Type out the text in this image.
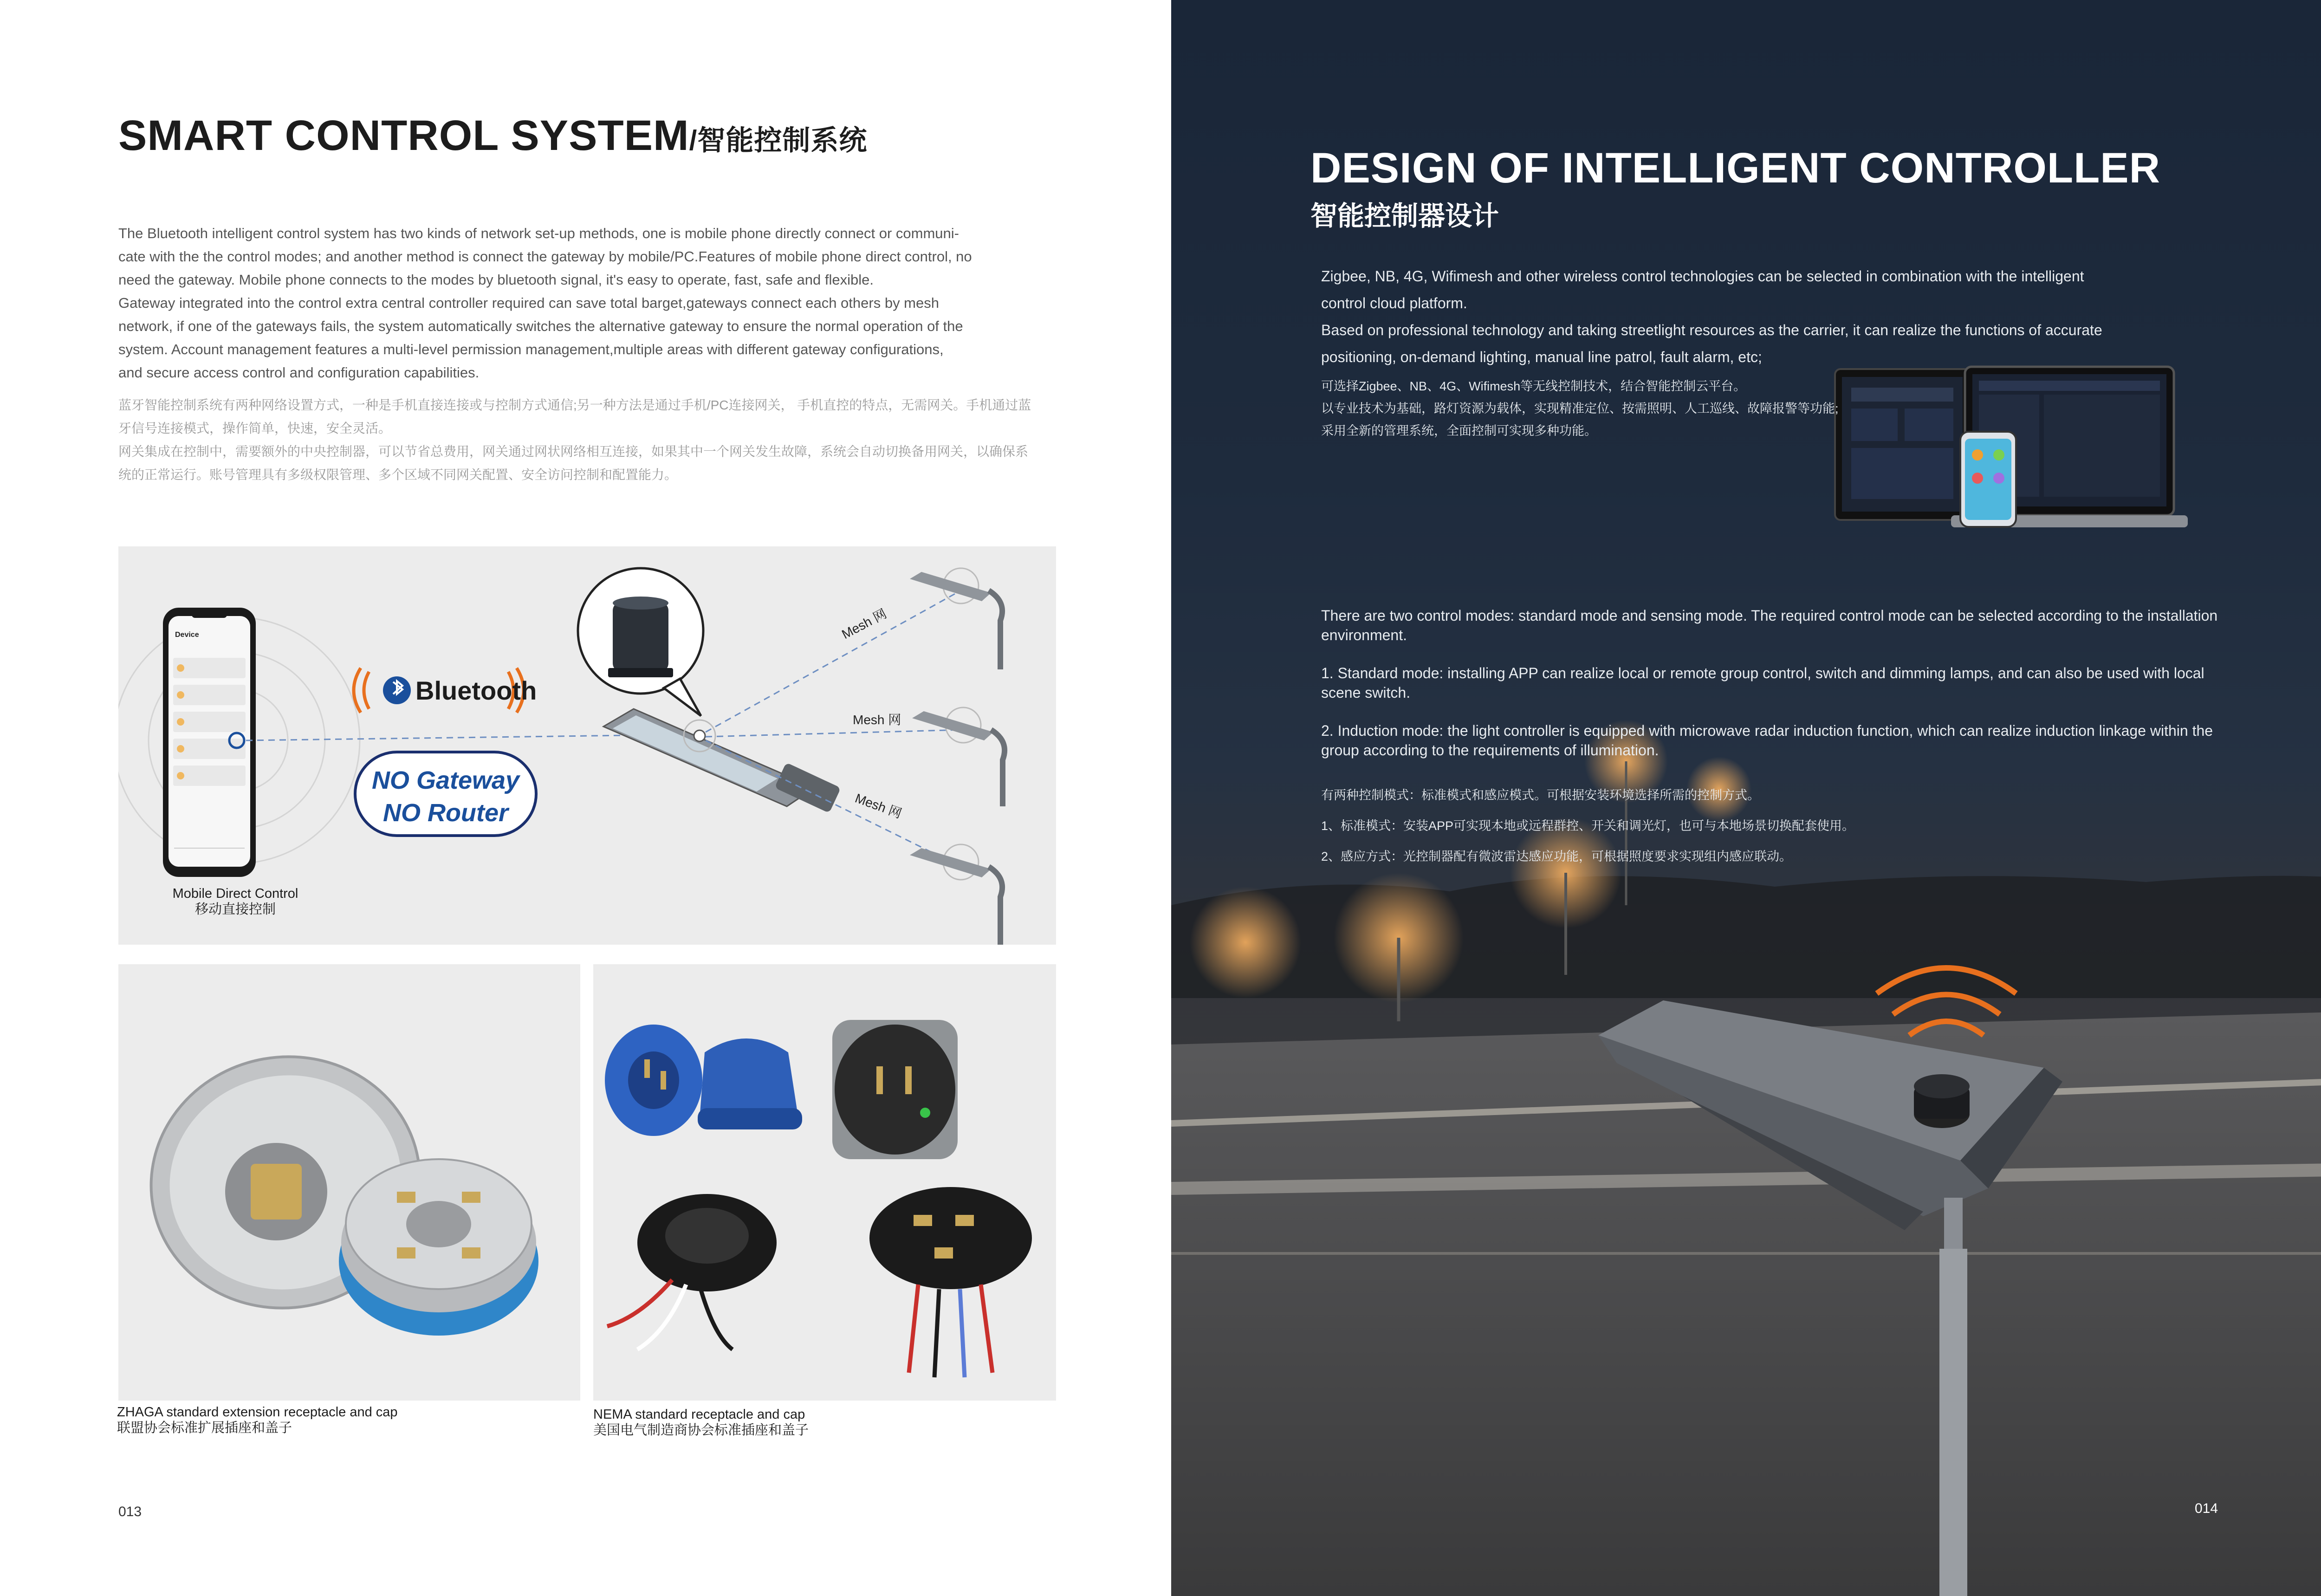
SMART CONTROL SYSTEM/智能控制系统
The Bluetooth intelligent control system has two kinds of network set-up methods, one is mobile phone directly connect or communi-
cate with the the control modes; and another method is connect the gateway by mobile/PC.Features of mobile phone direct control, no
need the gateway. Mobile phone connects to the modes by bluetooth signal, it's easy to operate, fast, safe and flexible.
Gateway integrated into the control extra central controller required can save total barget,gateways connect each others by mesh
network, if one of the gateways fails, the system automatically switches the alternative gateway to ensure the normal operation of the
system. Account management features a multi-level permission management,multiple areas with different gateway configurations,
and secure access control and configuration capabilities.
蓝牙智能控制系统有两种网络设置方式，一种是手机直接连接或与控制方式通信;另一种方法是通过手机/PC连接网关， 手机直控的特点，无需网关。手机通过蓝
牙信号连接模式，操作简单，快速，安全灵活。
网关集成在控制中，需要额外的中央控制器，可以节省总费用，网关通过网状网络相互连接，如果其中一个网关发生故障，系统会自动切换备用网关，以确保系
统的正常运行。账号管理具有多级权限管理、多个区域不同网关配置、安全访问控制和配置能力。
Device
Bluetooth
NO Gateway
NO Router
Mesh 网
Mesh 网
Mesh 网
Mobile Direct Control
移动直接控制
ZHAGA standard extension receptacle and cap
联盟协会标准扩展插座和盖子
NEMA standard receptacle and cap
美国电气制造商协会标准插座和盖子
013
DESIGN OF INTELLIGENT CONTROLLER
智能控制器设计
Zigbee, NB, 4G, Wifimesh and other wireless control technologies can be selected in combination with the intelligent
control cloud platform.
Based on professional technology and taking streetlight resources as the carrier, it can realize the functions of accurate
positioning, on-demand lighting, manual line patrol, fault alarm, etc;
可选择Zigbee、NB、4G、Wifimesh等无线控制技术，结合智能控制云平台。
以专业技术为基础，路灯资源为载体，实现精准定位、按需照明、人工巡线、故障报警等功能;
采用全新的管理系统，全面控制可实现多种功能。

There are two control modes: standard mode and sensing mode. The required control mode can be selected according to the installation environment.

1. Standard mode: installing APP can realize local or remote group control, switch and dimming lamps, and can also be used with local scene switch.

2. Induction mode: the light controller is equipped with microwave radar induction function, which can realize induction linkage within the group according to the requirements of illumination.

有两种控制模式：标准模式和感应模式。可根据安装环境选择所需的控制方式。
1、标准模式：安装APP可实现本地或远程群控、开关和调光灯，也可与本地场景切换配套使用。
2、感应方式：光控制器配有微波雷达感应功能，可根据照度要求实现组内感应联动。
014
